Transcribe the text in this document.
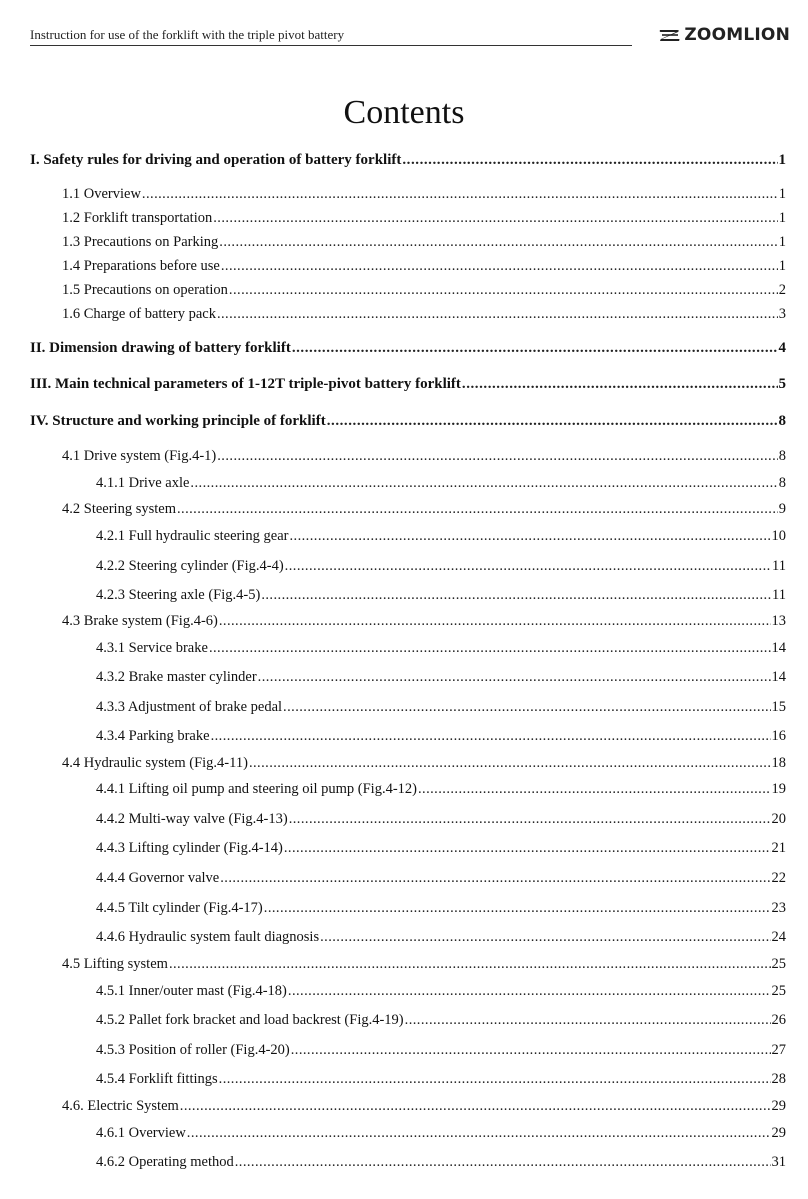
Instruction for use of the forklift with the triple pivot battery	ZOOMLION
Contents
I. Safety rules for driving and operation of battery forklift . . .	1
1.1 Overview . . .	1
1.2 Forklift transportation . . .	1
1.3 Precautions on Parking . . .	1
1.4 Preparations before use . . .	1
1.5 Precautions on operation . . .	2
1.6 Charge of battery pack . . .	3
II. Dimension drawing of battery forklift . . .	4
III. Main technical parameters of 1-12T triple-pivot battery forklift . . .	5
IV. Structure and working principle of forklift . . .	8
4.1 Drive system (Fig.4-1) . . .	8
4.1.1 Drive axle . . .	8
4.2 Steering system . . .	9
4.2.1 Full hydraulic steering gear . . .	10
4.2.2 Steering cylinder (Fig.4-4) . . .	11
4.2.3 Steering axle (Fig.4-5) . . .	11
4.3 Brake system (Fig.4-6) . . .	13
4.3.1 Service brake . . .	14
4.3.2 Brake master cylinder . . .	14
4.3.3 Adjustment of brake pedal . . .	15
4.3.4 Parking brake . . .	16
4.4 Hydraulic system (Fig.4-11) . . .	18
4.4.1 Lifting oil pump and steering oil pump (Fig.4-12) . . .	19
4.4.2 Multi-way valve (Fig.4-13) . . .	20
4.4.3 Lifting cylinder (Fig.4-14) . . .	21
4.4.4 Governor valve . . .	22
4.4.5 Tilt cylinder (Fig.4-17) . . .	23
4.4.6 Hydraulic system fault diagnosis . . .	24
4.5 Lifting system . . .	25
4.5.1 Inner/outer mast (Fig.4-18) . . .	25
4.5.2 Pallet fork bracket and load backrest (Fig.4-19) . . .	26
4.5.3 Position of roller (Fig.4-20) . . .	27
4.5.4 Forklift fittings . . .	28
4.6. Electric System . . .	29
4.6.1 Overview . . .	29
4.6.2 Operating method . . .	31
